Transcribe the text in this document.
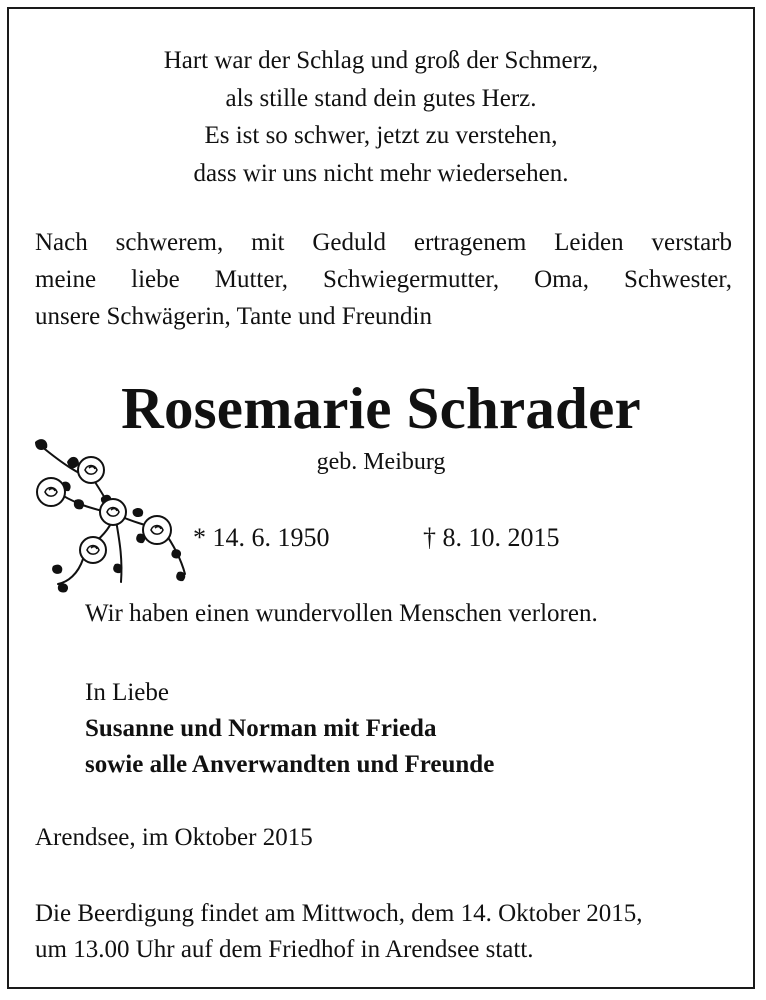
Hart war der Schlag und groß der Schmerz,
als stille stand dein gutes Herz.
Es ist so schwer, jetzt zu verstehen,
dass wir uns nicht mehr wiedersehen.
Nach schwerem, mit Geduld ertragenem Leiden verstarb
meine liebe Mutter, Schwiegermutter, Oma, Schwester,
unsere Schwägerin, Tante und Freundin
Rosemarie Schrader
geb. Meiburg
* 14. 6. 1950	† 8. 10. 2015
Wir haben einen wundervollen Menschen verloren.
In Liebe
Susanne und Norman mit Frieda
sowie alle Anverwandten und Freunde
Arendsee, im Oktober 2015
Die Beerdigung findet am Mittwoch, dem 14. Oktober 2015,
um 13.00 Uhr auf dem Friedhof in Arendsee statt.
